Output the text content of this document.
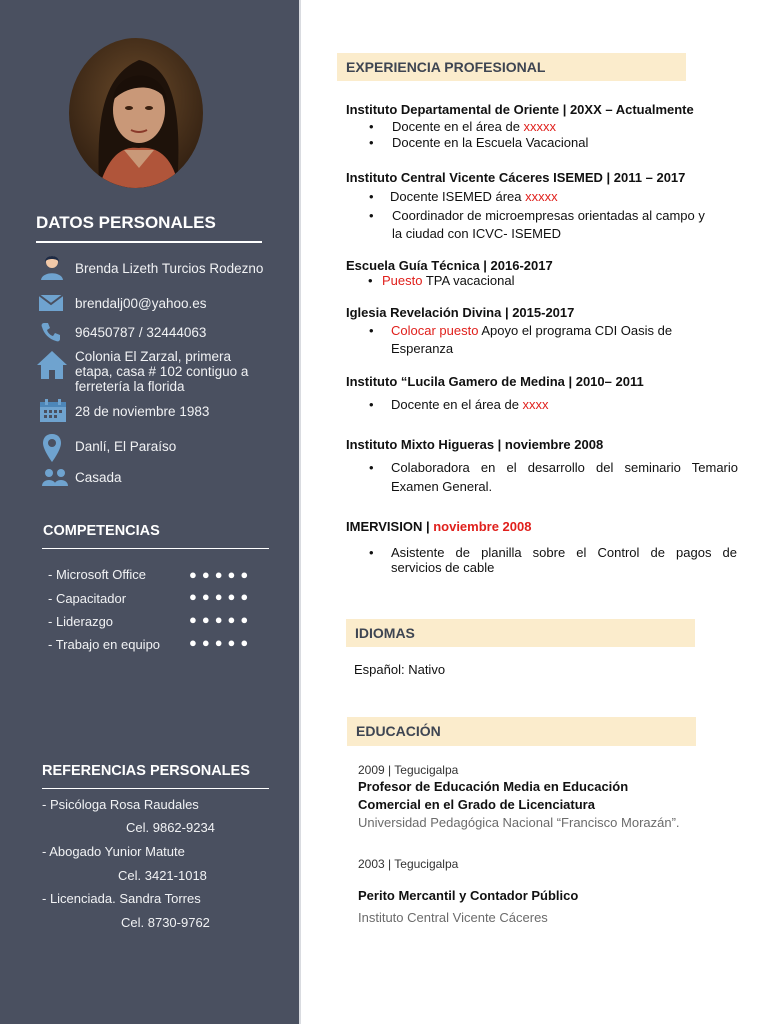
DATOS PERSONALES
Brenda Lizeth Turcios Rodezno
brendalj00@yahoo.es
96450787 / 32444063
Colonia El Zarzal, primera
etapa, casa # 102 contiguo a
ferretería la florida
28 de noviembre 1983
Danlí, El Paraíso
Casada
COMPETENCIAS
- Microsoft Office	●●●●●
- Capacitador	●●●●●
- Liderazgo	●●●●●
- Trabajo en equipo ●●●●●
REFERENCIAS PERSONALES
- Psicóloga Rosa Raudales
Cel. 9862-9234
- Abogado Yunior Matute
Cel. 3421-1018
- Licenciada. Sandra Torres
Cel. 8730-9762
EXPERIENCIA PROFESIONAL
Instituto Departamental de Oriente | 20XX – Actualmente
• Docente en el área de xxxxx
• Docente en la Escuela Vacacional
Instituto Central Vicente Cáceres ISEMED | 2011 – 2017
• Docente ISEMED área xxxxx
• Coordinador de microempresas orientadas al campo y
la ciudad con ICVC- ISEMED
Escuela Guía Técnica | 2016-2017
• Puesto TPA vacacional
Iglesia Revelación Divina | 2015-2017
• Colocar puesto Apoyo el programa CDI Oasis de
Esperanza
Instituto “Lucila Gamero de Medina | 2010– 2011
• Docente en el área de xxxx
Instituto Mixto Higueras | noviembre 2008
• Colaboradora en el desarrollo del seminario Temario
Examen General.
IMERVISION | noviembre 2008
• Asistente de planilla sobre el Control de pagos de
servicios de cable
IDIOMAS
Español: Nativo
EDUCACIÓN
2009 | Tegucigalpa
Profesor de Educación Media en Educación
Comercial en el Grado de Licenciatura
Universidad Pedagógica Nacional “Francisco Morazán”.
2003 | Tegucigalpa
Perito Mercantil y Contador Público
Instituto Central Vicente Cáceres
